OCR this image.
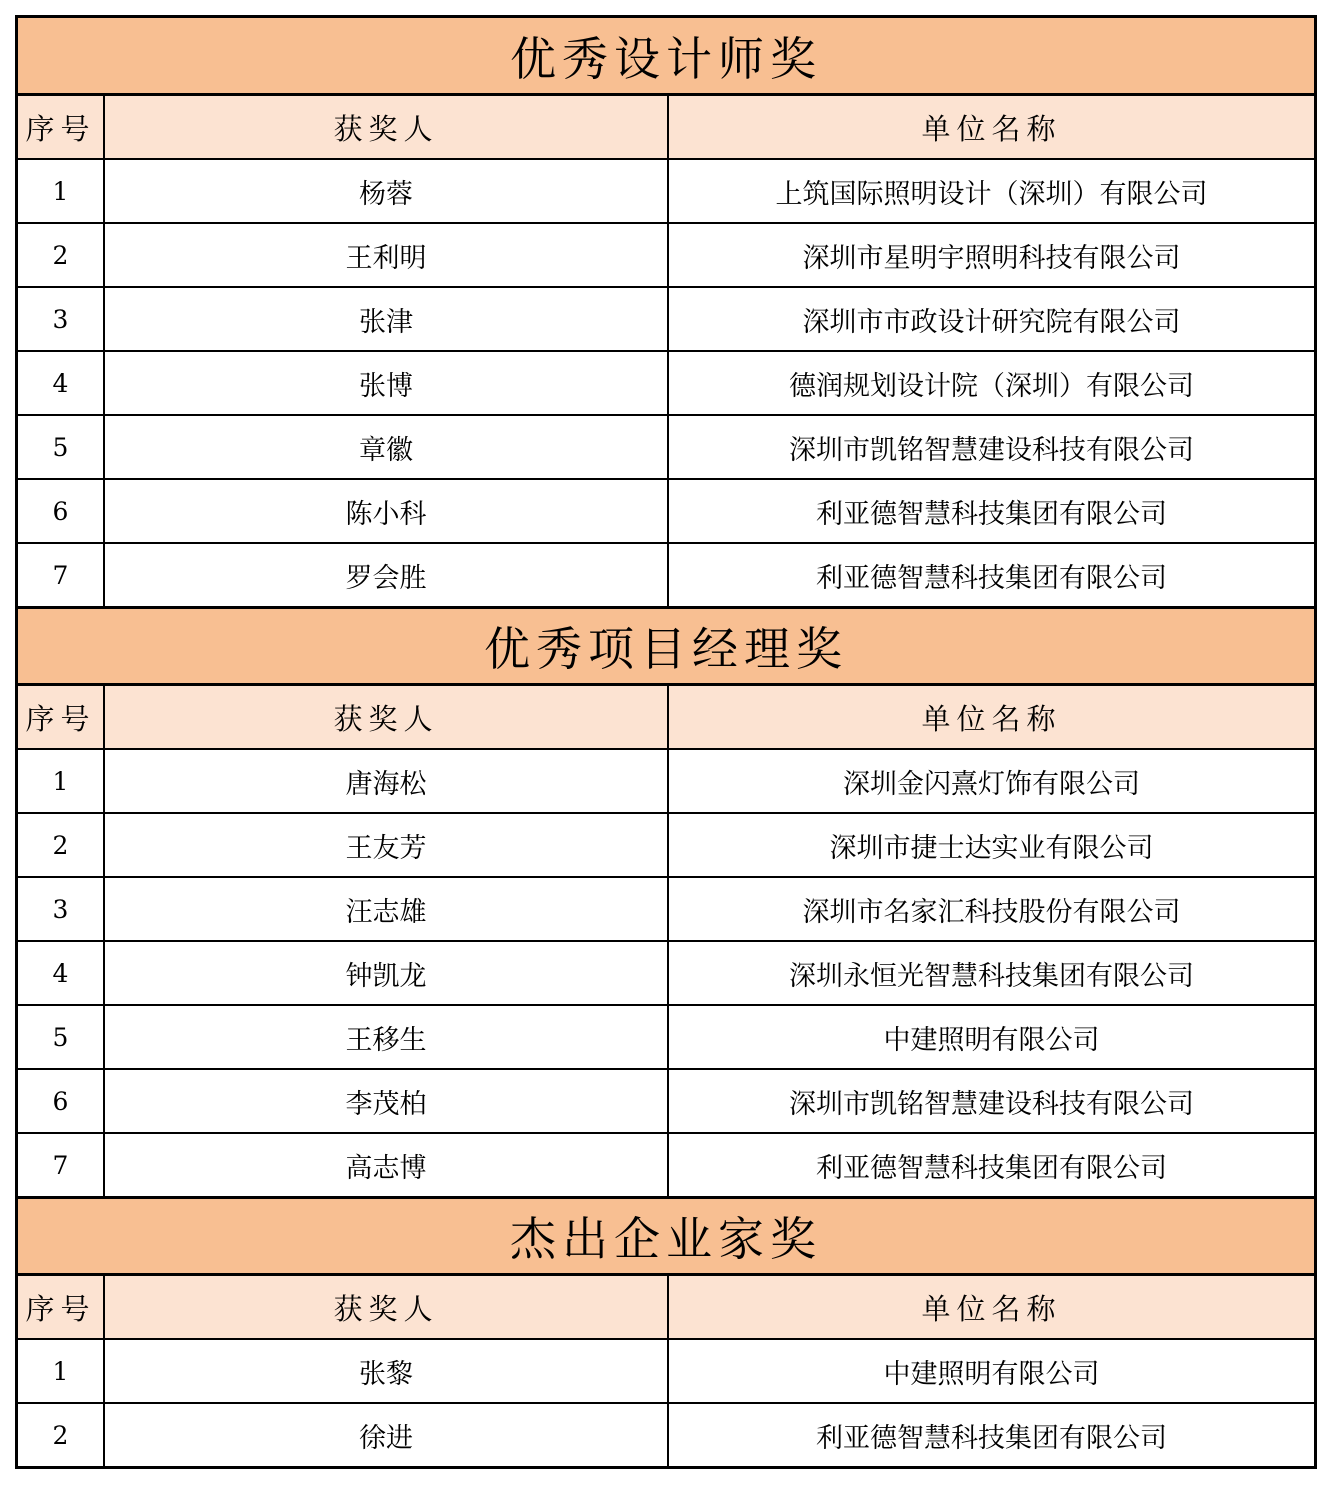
优秀设计师奖
序号	获奖人	单位名称
1	杨蓉	上筑国际照明设计（深圳）有限公司
2	王利明	深圳市星明宇照明科技有限公司
3	张津	深圳市市政设计研究院有限公司
4	张博	德润规划设计院（深圳）有限公司
5	章徽	深圳市凯铭智慧建设科技有限公司
6	陈小科	利亚德智慧科技集团有限公司
7	罗会胜	利亚德智慧科技集团有限公司
优秀项目经理奖
序号	获奖人	单位名称
1	唐海松	深圳金闪熹灯饰有限公司
2	王友芳	深圳市捷士达实业有限公司
3	汪志雄	深圳市名家汇科技股份有限公司
4	钟凯龙	深圳永恒光智慧科技集团有限公司
5	王移生	中建照明有限公司
6	李茂柏	深圳市凯铭智慧建设科技有限公司
7	高志博	利亚德智慧科技集团有限公司
杰出企业家奖
序号	获奖人	单位名称
1	张黎	中建照明有限公司
2	徐进	利亚德智慧科技集团有限公司
